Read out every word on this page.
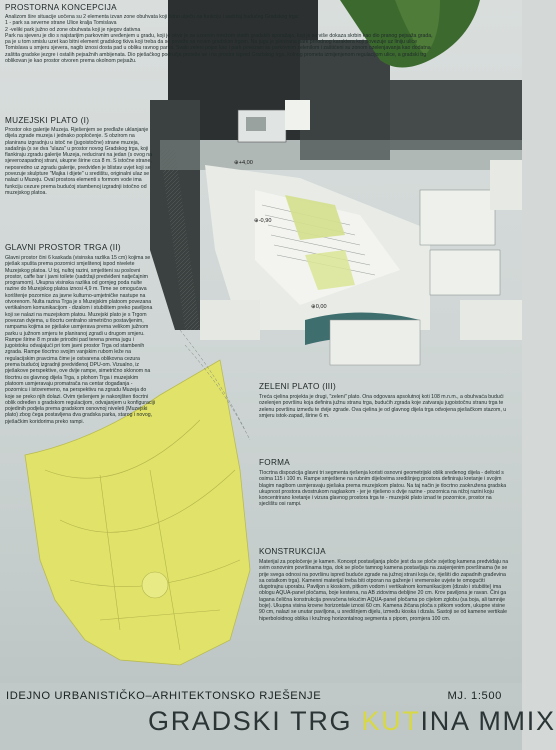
⊕+4,00
⊕-0,90
⊕0,00
PROSTORNA KONCEPCIJA

Analizom šire situacije uočena su 2 elementa izvan zone obuhvata koji bitno utječu na funkciju i sadržaj budućeg Gradskog trga:
1 - park sa severne strane Ulice kralja Tomislava
2 -veliki park južno od zone obuhvata koji je njegov dativna
Park na sjeveru je dio s najstarijim parkovnim uređenjem u gradu, koji je okvir je sa uzornim mrežom starih gradskih sporažaja, koji je sa više dokaza skrbin kao dio pranog pejsaža grada, pa je u tom smislu uzet kao bitni element gradskog tkiva koji treba da se poveže sa novim gradskim trgom. Na jugu je planirana park prirodnog karaktera koji povezuje uz liniju ulice Tomislava u smjeru sjevera, nagib iznosi dosta pad u obliku ravnog parka. Svaki zeleni pojas kao i park povezani su parkovnim zelenilom i zaštićeni su zonom ozelenjavanja kao dodatna zaštita gradske jezgre i ostalih pejsažnih ambijenata. Dio pješačkog područja proteže se i na prostor ispred Gradskog trga, kolnog prometa izmijenjenom regulacijom ulice, a gradski trg oblikovan je kao prostor otvoren prema okolnom pejsažu.

MUZEJSKI PLATO (I)

Prostor oko galerije Muzeja. Rješenjem se predlaže uklanjanje dijela zgrade muzeja i jednako popločenje. S obzirom na planiranu izgradnju u istoč ne (jugoistočne) strane muzeja, sadašnja (s se dva "ulaza" u prostor novog Gradskog trga, koji flankiraju zgradu galerije Muzeja, reducirani na jedan (s ovog na sjeverozapadnoj strani, ukupne širine cca 8 m. S istočne strane, neposredno uz zgradu galerije, predviđen je blistav uvjet koji se povezuje skulpture "Majka i dijete" u središtu, originalni ulaz se nalazi u Muzeju. Oval prostora elementi s formom vode ima funkciju cezure prema budućoj stambenoj izgradnji istočno od muzejskog platoa.

GLAVNI PROSTOR TRGA (II)

Glavni prostor čini 6 kaskada (visinska razlika 15 cm) kojima se pješak spušta prema pozornici smještenoj ispod nivelete Muzejskog platoa. U toj, nultoj razini, smješteni su poslovni prostor, caffe bar i javni toilete (sadržaji predviđeni natječajnim programom). Ukupna visinska razlika od gornjeg poda nulte razine do Muzejskog platoa iznosi 4,9 m. Time se omogućava korištenje pozornice za javne kulturno-umjetničke nastupe na otvorenom. Nulta razina Trga je s Muzejskim platoom povezana vertikalnom komunikacijom - dizalom i stubištem preko paviljona koji se nalazi na muzejskom platou. Muzejski plato je s Trgom povezan dvjema, u tlocrtu centralno simetrično postavljenim, rampama kojima se pješake usmjerava prema velikom južnom parku u južnom smjeru te planiranoj zgradi u drugom smjeru. Rampe širine 8 m prate prirodni pad terena prema jugu i jugoistoku odvajajući pri tom javni prostor Trga od stambenih zgrada. Rampe tlocrtno svojim vanjskim rubom leže na regulacijskim pravcima čime je ostvarena oblikovna cezura prema budućoj izgradnji predviđenoj DPU-om. Vizualno, iz pješakove perspektive, ove dvije rampe, simetrično sklonom na tlocrtnu os glavnog dijela Trga, s plohom Trga i muzejskim platoom usmjeravaju promatrača na centar događanja - pozornicu i istovremeno, na perspektivu na zgradu Muzeja do koje se preko njih dolazi. Ovim rješenjem je nakonjšten tlocrtni oblik određen s gradskom regulacijom, odvajanjem u konfiguraciji pojedinih podjela prema gradskom osnovnoj niveleti (Muzejski plato) zbog čega postavljena dva gradska parka, starog i novog, pješačkim koridorima preko rampi.

ZELENI PLATO (III)

Treća cjelina projekta je drugi, "zeleni" plato. Ona odgovara apsolutnoj koti 108 m.n.m., a obuhvaća budući ozelenjen površinu koja definira južnu stranu trga, budućih zgrada koje zatvaraju jugoistočnu stranu trga te zelenu površinu između te dvije zgrade. Ova cjelina je od glavnog dijela trga odvojena pješačkom stazom, u smjeru istok-zapad, širine 6 m.

FORMA

Tlocrtna dispozicija glavni tri segmenta rješenja koristi osnovni geometrijski oblik sređenog dijela - deltoid s osima 115 i 100 m. Rampe smještene na rubnim dijelovima središnjeg prostora definiraju kretanje i svojim blagim nagibom usmjeravaju pješaka prema muzejskom platou. Na taj način je tlocrtno zaokružena gradska ukupnost prostora dvostrukom naglaskom - jer je riješeno s dvije razine - pozornica na nižoj razini koju koncentrirano kretanje i vizura glavnog prostora trga te - muzejski plato iznad te pozornice, prostor na sjeclištu osi rampi.

KONSTRUKCIJA

Materijal za popločenje je kamen. Koncept postavljanja ploče jest da se ploče svjetlog kamena predviđaju na svim osnovnim površinama trga, dok se ploče tamnog kamena postavljaju na zasjenjenim površinama (te se prije svega odnosi na površinu ispred buduće zgrade na južnoj strani koja će, riješiti dio zapadnih građevina sa ostatkom trga). Kamenni materijal treba biti otporan na gaženje i vremenske uvjete te omogućiti dugotrajnu uporabu. Paviljon s kioskom, pitkom vodom i vertikalnom komunikacijom (dizalo i stubište) ima oblogu AQUA-panel pločama, boje kestena, na AB zidovima debljine 20 cm. Krov paviljona je ravan. Čini ga lagana čelična konstrukcija prevučena tekućim AQUA-panel pločama po cijelom zglobu (sa boja, ali tamnije boje). Ukupna visina krovne horizontale iznosi 60 cm. Kamena žičana ploča s pitkom vodom, ukupne visine 90 cm, nalazi se unutar paviljona, u središnjem dijelu, između kioska i dizala. Sastoji se od kamene vertikale hiperboloidnog oblika i kružnog horizontalnog segmenta s pipom, promjera 100 cm.

IDEJNO URBANISTIČKO–ARHITEKTONSKO RJEŠENJE	MJ. 1:500
GRADSKI TRG KUTINA MMIX
